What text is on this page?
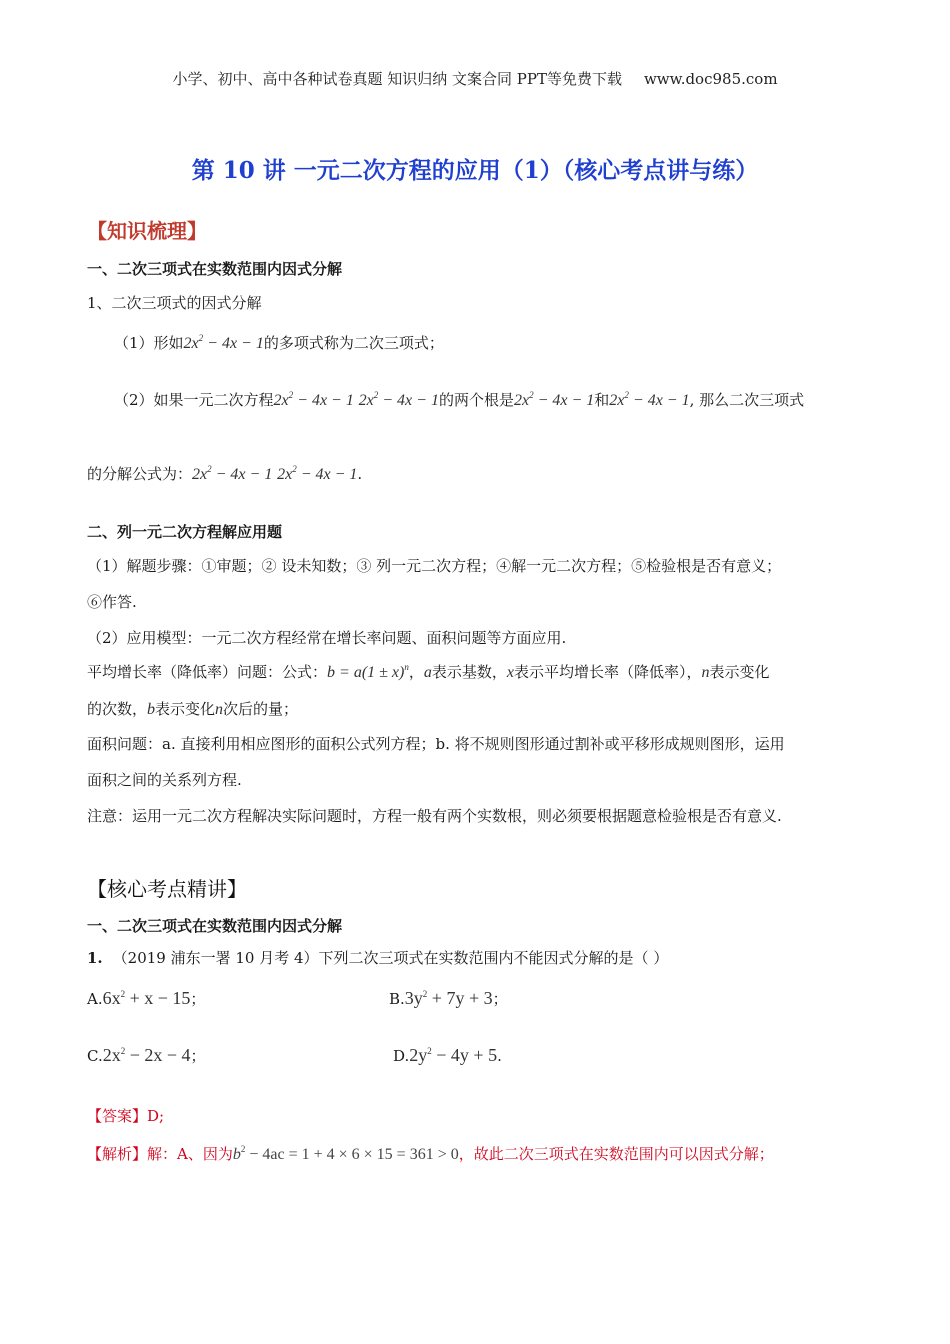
小学、初中、高中各种试卷真题 知识归纳 文案合同 PPT等免费下载 www.doc985.com
第 10 讲 一元二次方程的应用（1）（核心考点讲与练）
【知识梳理】
一、二次三项式在实数范围内因式分解
1、二次三项式的因式分解
（1）形如$2x^2 - 4x - 1$的多项式称为二次三项式；
（2）如果一元二次方程$2x^2 - 4x - 1$ $2x^2 - 4x - 1$的两个根是$2x^2 - 4x - 1$和$2x^2 - 4x - 1$, 那么二次三项式
的分解公式为：$2x^2 - 4x - 1$ $2x^2 - 4x - 1$.
二、列一元二次方程解应用题
（1）解题步骤：①审题；② 设未知数；③ 列一元二次方程；④解一元二次方程；⑤检验根是否有意义；
⑥作答.
（2）应用模型：一元二次方程经常在增长率问题、面积问题等方面应用.
平均增长率（降低率）问题：公式：$b = a(1 \pm x)^n$，a表示基数，x表示平均增长率（降低率），n表示变化
的次数，b表示变化n次后的量；
面积问题：a. 直接利用相应图形的面积公式列方程；b. 将不规则图形通过割补或平移形成规则图形，运用
面积之间的关系列方程.
注意：运用一元二次方程解决实际问题时，方程一般有两个实数根，则必须要根据题意检验根是否有意义.
【核心考点精讲】
一、二次三项式在实数范围内因式分解
1. （2019 浦东一署 10 月考 4）下列二次三项式在实数范围内不能因式分解的是（ ）
$A.6x^2 + x - 15$；	$B.3y^2 + 7y + 3$；
$C.2x^2 - 2x - 4$；	$D.2y^2 - 4y + 5$.
【答案】D;
【解析】解：A、因为$b^2 - 4ac = 1 + 4 \times 6 \times 15 = 361 > 0$，故此二次三项式在实数范围内可以因式分解；
